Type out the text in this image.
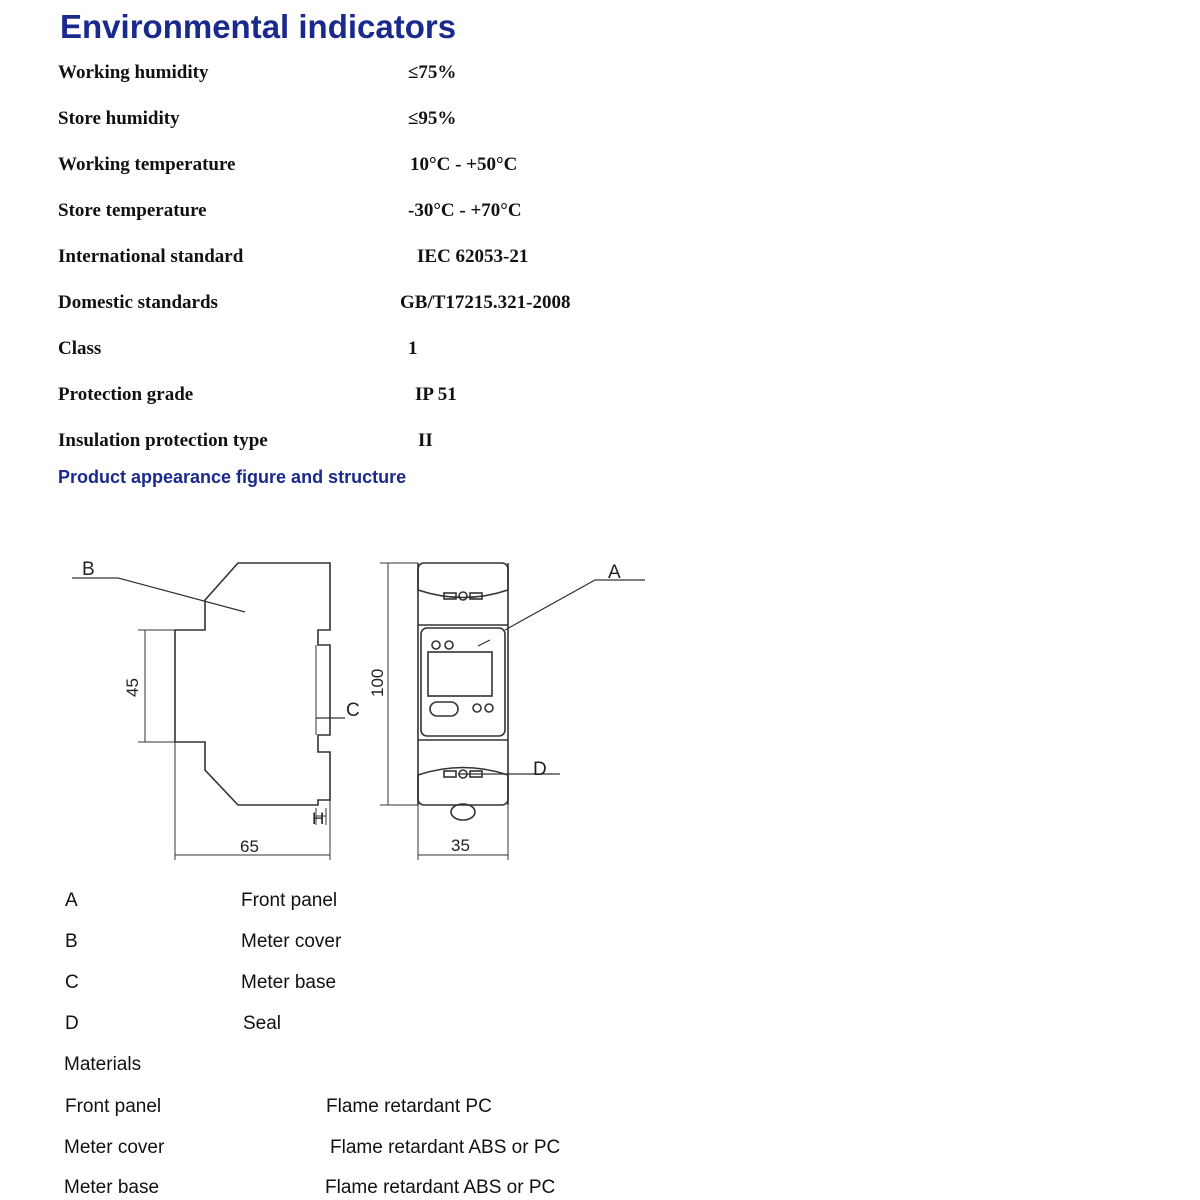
Environmental indicators
Working humidity	≤75%
Store humidity	≤95%
Working temperature	10°C - +50°C
Store temperature	-30°C - +70°C
International standard	IEC 62053-21
Domestic standards	GB/T17215.321-2008
Class	1
Protection grade	IP 51
Insulation protection type	II
Product appearance figure and structure
B	A
C
D
H
45
65
100
35
A	Front panel
B	Meter cover
C	Meter base
D	Seal
Materials
Front panel	Flame retardant PC
Meter cover	Flame retardant ABS or PC
Meter base	Flame retardant ABS or PC
